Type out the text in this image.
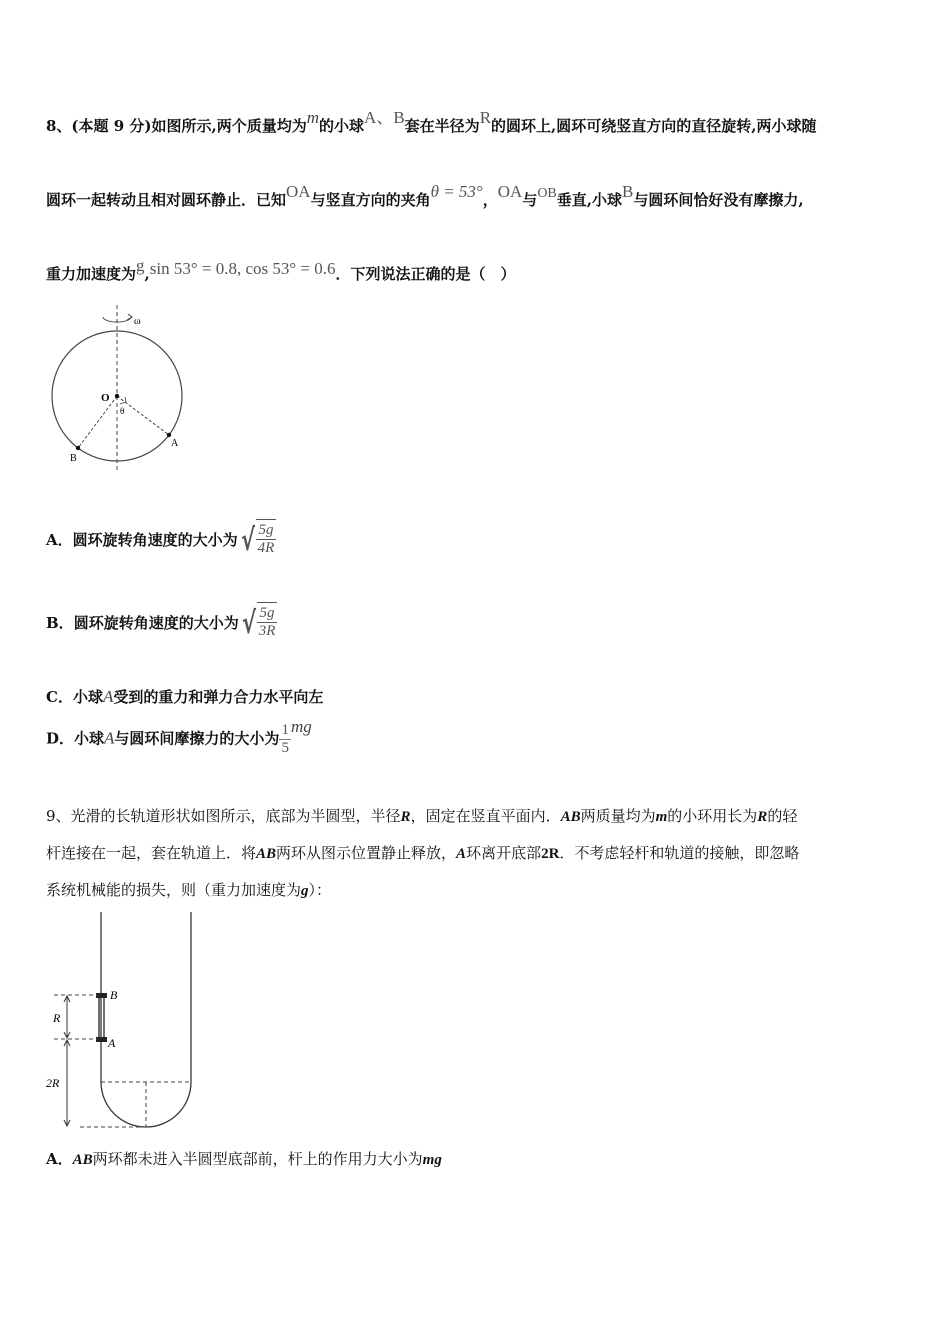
8、(本题 9 分)如图所示,两个质量均为m的小球A、B套在半径为R的圆环上,圆环可绕竖直方向的直径旋转,两小球随
圆环一起转动且相对圆环静止．已知OA与竖直方向的夹角θ = 53°，OA与OB垂直,小球B与圆环间恰好没有摩擦力,
重力加速度为g,sin 53° = 0.8, cos 53° = 0.6．下列说法正确的是（　）
ω
O
θ
A
B
A．圆环旋转角速度的大小为 √ $\frac{5g}{4R}$
B．圆环旋转角速度的大小为 √ $\frac{5g}{3R}$
C．小球A受到的重力和弹力合力水平向左
D．小球A与圆环间摩擦力的大小为 $\frac{1}{5}$ mg
9、光滑的长轨道形状如图所示，底部为半圆型，半径R，固定在竖直平面内．AB两质量均为m的小环用长为R的轻
杆连接在一起，套在轨道上．将AB两环从图示位置静止释放，A环离开底部2R．不考虑轻杆和轨道的接触，即忽略
系统机械能的损失，则（重力加速度为g）：
B
A
R
2R
A．AB两环都未进入半圆型底部前，杆上的作用力大小为mg
